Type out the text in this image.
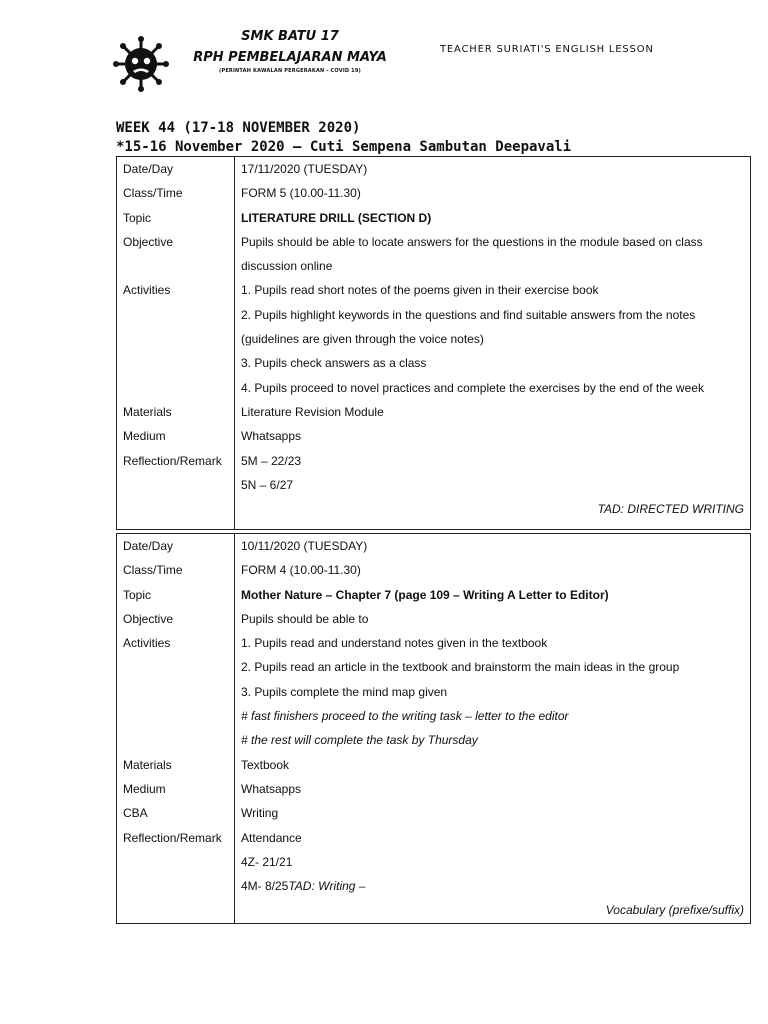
SMK BATU 17
RPH PEMBELAJARAN MAYA
(PERINTAH KAWALAN PERGERAKAN - COVID 19)
TEACHER SURIATI'S ENGLISH LESSON
WEEK 44 (17-18 NOVEMBER 2020)
*15-16 November 2020 – Cuti Sempena Sambutan Deepavali
Date/Day	17/11/2020 (TUESDAY)
Class/Time	FORM 5 (10.00-11.30)
Topic	LITERATURE DRILL (SECTION D)
Objective	Pupils should be able to locate answers for the questions in the module based on class
	discussion online
Activities	1. Pupils read short notes of the poems given in their exercise book
	2. Pupils highlight keywords in the questions and find suitable answers from the notes
	(guidelines are given through the voice notes)
	3. Pupils check answers as a class
	4. Pupils proceed to novel practices and complete the exercises by the end of the week
Materials	Literature Revision Module
Medium	Whatsapps
Reflection/Remark	5M – 22/23
	5N – 6/27
	TAD: DIRECTED WRITING

Date/Day	10/11/2020 (TUESDAY)
Class/Time	FORM 4 (10.00-11.30)
Topic	Mother Nature – Chapter 7 (page 109 – Writing A Letter to Editor)
Objective	Pupils should be able to
Activities	1. Pupils read and understand notes given in the textbook
	2. Pupils read an article in the textbook and brainstorm the main ideas in the group
	3. Pupils complete the mind map given
	# fast finishers proceed to the writing task – letter to the editor
	# the rest will complete the task by Thursday
Materials	Textbook
Medium	Whatsapps
CBA	Writing
Reflection/Remark	Attendance
	4Z- 21/21
	4M- 8/25TAD: Writing –
	Vocabulary (prefixe/suffix)
